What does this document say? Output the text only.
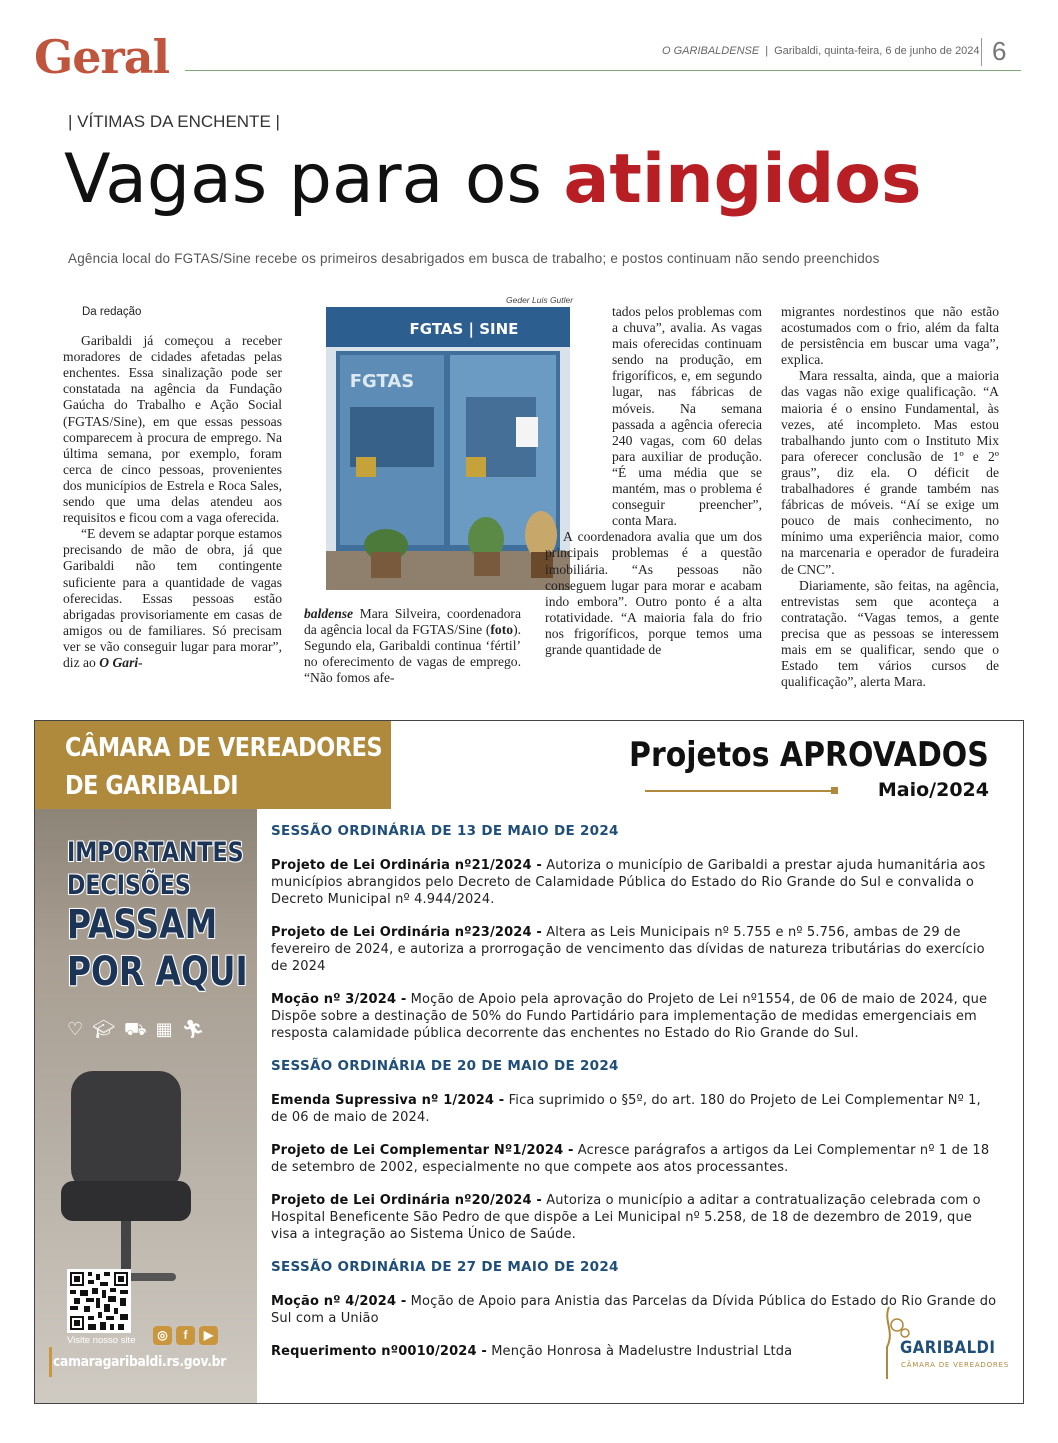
Geral	O GARIBALDENSE | Garibaldi, quinta-feira, 6 de junho de 2024 6
| VÍTIMAS DA ENCHENTE |
Vagas para os atingidos
Agência local do FGTAS/Sine recebe os primeiros desabrigados em busca de trabalho; e postos continuam não sendo preenchidos

Da redação

Garibaldi já começou a receber moradores de cidades afetadas pelas enchentes. Essa sinalização pode ser constatada na agência da Fundação Gaúcha do Trabalho e Ação Social (FGTAS/Sine), em que essas pessoas comparecem à procura de emprego. Na última semana, por exemplo, foram cerca de cinco pessoas, provenientes dos municípios de Estrela e Roca Sales, sendo que uma delas atendeu aos requisitos e ficou com a vaga oferecida.

“E devem se adaptar porque estamos precisando de mão de obra, já que Garibaldi não tem contingente suficiente para a quantidade de vagas oferecidas. Essas pessoas estão abrigadas provisoriamente em casas de amigos ou de familiares. Só precisam ver se vão conseguir lugar para morar”, diz ao O Gari-

Geder Luis Gutler
FGTAS | SINE
FGTAS

baldense Mara Silveira, coordenadora da agência local da FGTAS/Sine (foto). Segundo ela, Garibaldi continua ‘fértil’ no oferecimento de vagas de emprego. “Não fomos afe-

tados pelos problemas com a chuva”, avalia. As vagas mais oferecidas continuam sendo na produção, em frigoríficos, e, em segundo lugar, nas fábricas de móveis. Na semana passada a agência oferecia 240 vagas, com 60 delas para auxiliar de produção. “É uma média que se mantém, mas o problema é conseguir preencher”, conta Mara.

A coordenadora avalia que um dos principais problemas é a questão imobiliária. “As pessoas não conseguem lugar para morar e acabam indo embora”. Outro ponto é a alta rotatividade. “A maioria fala do frio nos frigoríficos, porque temos uma grande quantidade de

migrantes nordestinos que não estão acostumados com o frio, além da falta de persistência em buscar uma vaga”, explica.

Mara ressalta, ainda, que a maioria das vagas não exige qualificação. “A maioria é o ensino Fundamental, às vezes, até incompleto. Mas estou trabalhando junto com o Instituto Mix para oferecer conclusão de 1º e 2º graus”, diz ela. O déficit de trabalhadores é grande também nas fábricas de móveis. “Aí se exige um pouco de mais conhecimento, no mínimo uma experiência maior, como na marcenaria e operador de furadeira de CNC”.

Diariamente, são feitas, na agência, entrevistas sem que aconteça a contratação. “Vagas temos, a gente precisa que as pessoas se interessem mais em se qualificar, sendo que o Estado tem vários cursos de qualificação”, alerta Mara.

CÂMARA DE VEREADORES
DE GARIBALDI
IMPORTANTES
DECISÕES
PASSAM
POR AQUI
♡ 🎓︎ ⛟ ▦ 🏃︎
Visite nosso site	◎	f	▶
camaragaribaldi.rs.gov.br
Projetos APROVADOS
Maio/2024
SESSÃO ORDINÁRIA DE 13 DE MAIO DE 2024
Projeto de Lei Ordinária nº21/2024 - Autoriza o município de Garibaldi a prestar ajuda humanitária aos municípios abrangidos pelo Decreto de Calamidade Pública do Estado do Rio Grande do Sul e convalida o Decreto Municipal nº 4.944/2024.
Projeto de Lei Ordinária nº23/2024 - Altera as Leis Municipais nº 5.755 e nº 5.756, ambas de 29 de fevereiro de 2024, e autoriza a prorrogação de vencimento das dívidas de natureza tributárias do exercício de 2024
Moção nº 3/2024 - Moção de Apoio pela aprovação do Projeto de Lei nº1554, de 06 de maio de 2024, que Dispõe sobre a destinação de 50% do Fundo Partidário para implementação de medidas emergenciais em resposta calamidade pública decorrente das enchentes no Estado do Rio Grande do Sul.
SESSÃO ORDINÁRIA DE 20 DE MAIO DE 2024
Emenda Supressiva nº 1/2024 - Fica suprimido o §5º, do art. 180 do Projeto de Lei Complementar Nº 1, de 06 de maio de 2024.
Projeto de Lei Complementar Nº1/2024 - Acresce parágrafos a artigos da Lei Complementar nº 1 de 18 de setembro de 2002, especialmente no que compete aos atos processantes.
Projeto de Lei Ordinária nº20/2024 - Autoriza o município a aditar a contratualização celebrada com o Hospital Beneficente São Pedro de que dispõe a Lei Municipal nº 5.258, de 18 de dezembro de 2019, que visa a integração ao Sistema Único de Saúde.
SESSÃO ORDINÁRIA DE 27 DE MAIO DE 2024
Moção nº 4/2024 - Moção de Apoio para Anistia das Parcelas da Dívida Pública do Estado do Rio Grande do Sul com a União
Requerimento nº0010/2024 - Menção Honrosa à Madelustre Industrial Ltda	GARIBALDI
CÂMARA DE VEREADORES
